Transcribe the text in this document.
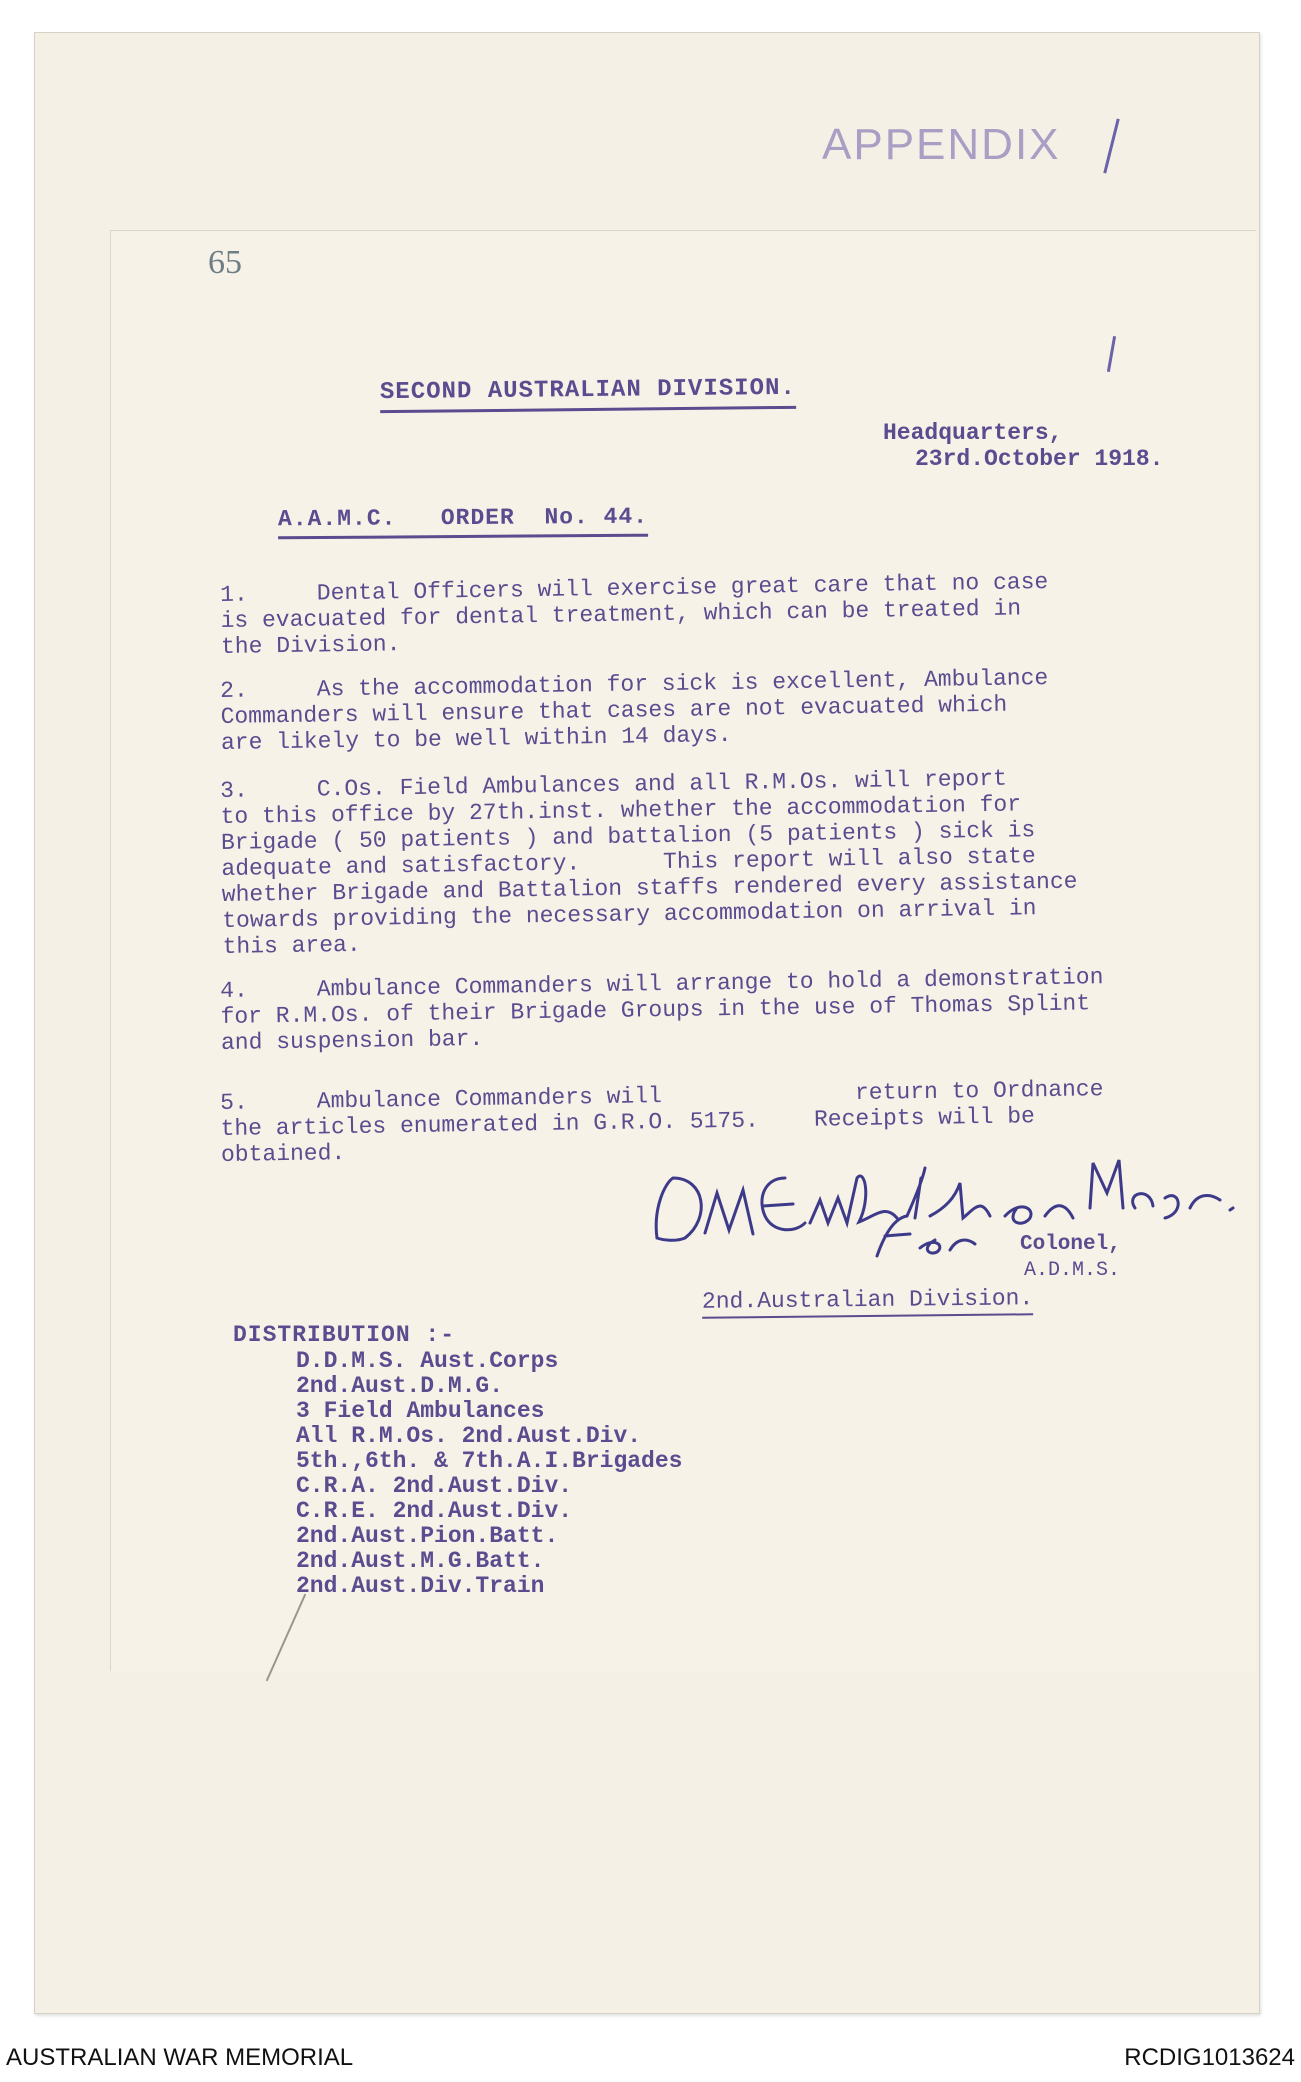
APPENDIX
65
SECOND AUSTRALIAN DIVISION.
Headquarters,
23rd.October 1918.
A.A.M.C.   ORDER  No. 44.
1.     Dental Officers will exercise great care that no case
is evacuated for dental treatment, which can be treated in
the Division.
2.     As the accommodation for sick is excellent, Ambulance
Commanders will ensure that cases are not evacuated which
are likely to be well within 14 days.
3.     C.Os. Field Ambulances and all R.M.Os. will report
to this office by 27th.inst. whether the accommodation for
Brigade ( 50 patients ) and battalion (5 patients ) sick is
adequate and satisfactory.      This report will also state
whether Brigade and Battalion staffs rendered every assistance
towards providing the necessary accommodation on arrival in
this area.
4.     Ambulance Commanders will arrange to hold a demonstration
for R.M.Os. of their Brigade Groups in the use of Thomas Splint
and suspension bar.
5.     Ambulance Commanders will              return to Ordnance
the articles enumerated in G.R.O. 5175.    Receipts will be
obtained.
Colonel,
A.D.M.S.
2nd.Australian Division.
DISTRIBUTION :-
D.D.M.S. Aust.Corps
2nd.Aust.D.M.G.
3 Field Ambulances
All R.M.Os. 2nd.Aust.Div.
5th.,6th. & 7th.A.I.Brigades
C.R.A. 2nd.Aust.Div.
C.R.E. 2nd.Aust.Div.
2nd.Aust.Pion.Batt.
2nd.Aust.M.G.Batt.
2nd.Aust.Div.Train
AUSTRALIAN WAR MEMORIAL	RCDIG1013624
